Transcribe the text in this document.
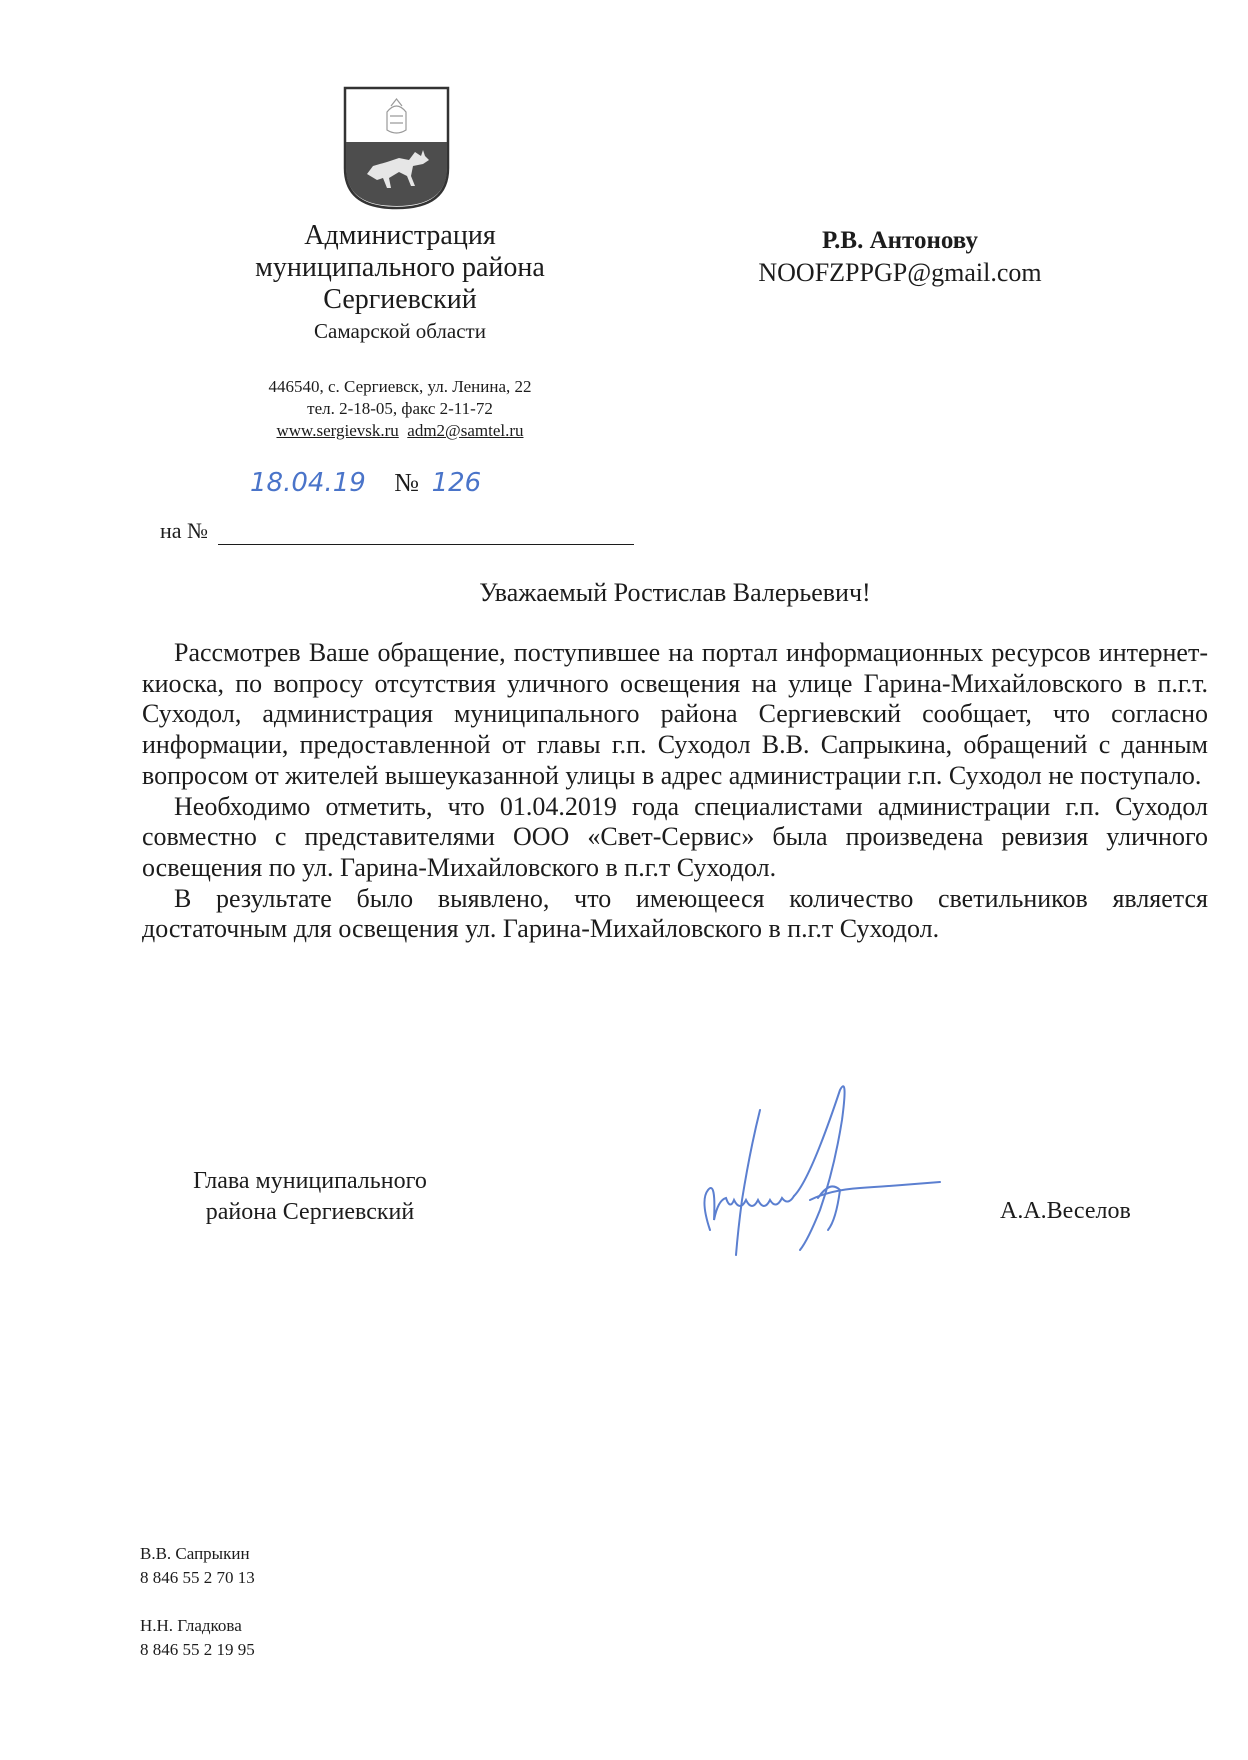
Администрация
муниципального района
Сергиевский
Самарской области
446540, с. Сергиевск, ул. Ленина, 22
тел. 2-18-05, факс 2-11-72
www.sergievsk.ru adm2@samtel.ru
18.04.19 № 126
на №
Р.В. Антонову
NOOFZPPGP@gmail.com
Уважаемый Ростислав Валерьевич!

Рассмотрев Ваше обращение, поступившее на портал информационных ресурсов интернет-киоска, по вопросу отсутствия уличного освещения на улице Гарина-Михайловского в п.г.т. Суходол, администрация муниципального района Сергиевский сообщает, что согласно информации, предоставленной от главы г.п. Суходол В.В. Сапрыкина, обращений с данным вопросом от жителей вышеуказанной улицы в адрес администрации г.п. Суходол не поступало.

Необходимо отметить, что 01.04.2019 года специалистами администрации г.п. Суходол совместно с представителями ООО «Свет-Сервис» была произведена ревизия уличного освещения по ул. Гарина-Михайловского в п.г.т Суходол.

В результате было выявлено, что имеющееся количество светильников является достаточным для освещения ул. Гарина-Михайловского в п.г.т Суходол.

Глава муниципального
района Сергиевский	А.А.Веселов
В.В. Сапрыкин
8 846 55 2 70 13
Н.Н. Гладкова
8 846 55 2 19 95
